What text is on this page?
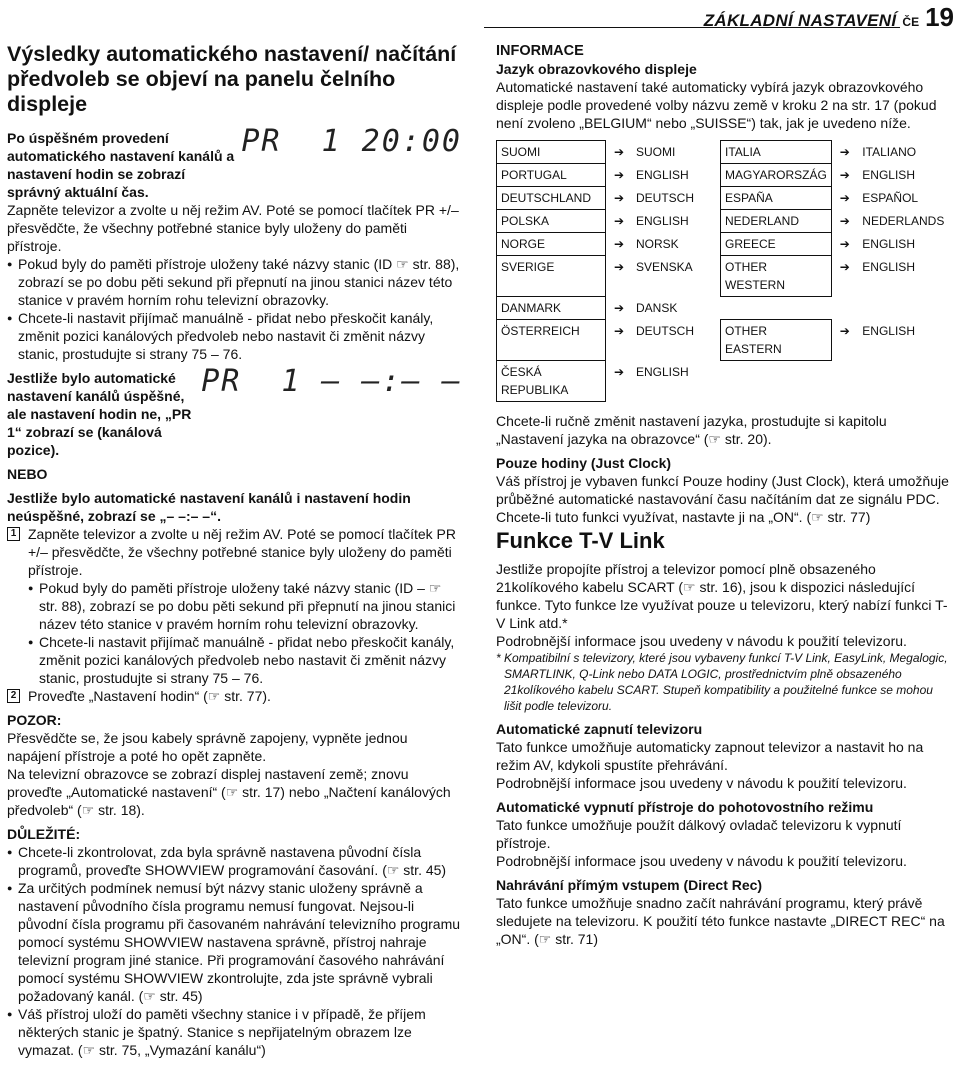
ZÁKLADNÍ NASTAVENÍ ČE 19
Výsledky automatického nastavení/ načítání předvoleb se objeví na panelu čelního displeje

Po úspěšném provedení automatického nastavení kanálů a nastavení hodin se zobrazí správný aktuální čas.

PR  1 20:00

Zapněte televizor a zvolte u něj režim AV. Poté se pomocí tlačítek PR +/– přesvědčte, že všechny potřebné stanice byly uloženy do paměti přístroje.

● Pokud byly do paměti přístroje uloženy také názvy stanic (ID ☞ str. 88), zobrazí se po dobu pěti sekund při přepnutí na jinou stanici název této stanice v pravém horním rohu televizní obrazovky.

● Chcete-li nastavit přijímač manuálně - přidat nebo přeskočit kanály, změnit pozici kanálových předvoleb nebo nastavit či změnit názvy stanic, prostudujte si strany 75 – 76.

Jestliže bylo automatické nastavení kanálů úspěšné, ale nastavení hodin ne, „PR 1“ zobrazí se (kanálová pozice).

PR  1 – –:– –

NEBO

Jestliže bylo automatické nastavení kanálů i nastavení hodin neúspěšné, zobrazí se „– –:– –“.

1 Zapněte televizor a zvolte u něj režim AV. Poté se pomocí tlačítek PR +/– přesvědčte, že všechny potřebné stanice byly uloženy do paměti přístroje.

● Pokud byly do paměti přístroje uloženy také názvy stanic (ID – ☞ str. 88), zobrazí se po dobu pěti sekund při přepnutí na jinou stanici název této stanice v pravém horním rohu televizní obrazovky.

● Chcete-li nastavit přijímač manuálně - přidat nebo přeskočit kanály, změnit pozici kanálových předvoleb nebo nastavit či změnit názvy stanic, prostudujte si strany 75 – 76.

2 Proveďte „Nastavení hodin“ (☞ str. 77).

POZOR:

Přesvědčte se, že jsou kabely správně zapojeny, vypněte jednou napájení přístroje a poté ho opět zapněte.

Na televizní obrazovce se zobrazí displej nastavení země; znovu proveďte „Automatické nastavení“ (☞ str. 17) nebo „Načtení kanálových předvoleb“ (☞ str. 18).

DŮLEŽITÉ:

● Chcete-li zkontrolovat, zda byla správně nastavena původní čísla programů, proveďte SHOWVIEW programování časování. (☞ str. 45)

● Za určitých podmínek nemusí být názvy stanic uloženy správně a nastavení původního čísla programu nemusí fungovat. Nejsou-li původní čísla programu při časovaném nahrávání televizního programu pomocí systému SHOWVIEW nastavena správně, přístroj nahraje televizní program jiné stanice. Při programování časového nahrávání pomocí systému SHOWVIEW zkontrolujte, zda jste správně vybrali požadovaný kanál. (☞ str. 45)

● Váš přístroj uloží do paměti všechny stanice i v případě, že příjem některých stanic je špatný. Stanice s nepřijatelným obrazem lze vymazat. (☞ str. 75, „Vymazání kanálu“)

INFORMACE

Jazyk obrazovkového displeje

Automatické nastavení také automaticky vybírá jazyk obrazovkového displeje podle provedené volby názvu země v kroku 2 na str. 17 (pokud není zvoleno „BELGIUM“ nebo „SUISSE“) tak, jak je uvedeno níže.

SUOMI	➔	SUOMI	ITALIA	➔	ITALIANO
PORTUGAL	➔	ENGLISH	MAGYARORSZÁG	➔	ENGLISH
DEUTSCHLAND	➔	DEUTSCH	ESPAÑA	➔	ESPAÑOL
POLSKA	➔	ENGLISH	NEDERLAND	➔	NEDERLANDS
NORGE	➔	NORSK	GREECE	➔	ENGLISH
SVERIGE	➔	SVENSKA	OTHER WESTERN	➔	ENGLISH
DANMARK	➔	DANSK			
ÖSTERREICH	➔	DEUTSCH	OTHER EASTERN	➔	ENGLISH
ČESKÁ REPUBLIKA	➔	ENGLISH			

Chcete-li ručně změnit nastavení jazyka, prostudujte si kapitolu „Nastavení jazyka na obrazovce“ (☞ str. 20).

Pouze hodiny (Just Clock)

Váš přístroj je vybaven funkcí Pouze hodiny (Just Clock), která umožňuje průběžné automatické nastavování času načítáním dat ze signálu PDC. Chcete-li tuto funkci využívat, nastavte ji na „ON“. (☞ str. 77)

Funkce T-V Link

Jestliže propojíte přístroj a televizor pomocí plně obsazeného 21kolíkového kabelu SCART (☞ str. 16), jsou k dispozici následující funkce. Tyto funkce lze využívat pouze u televizoru, který nabízí funkci T-V Link atd.*

Podrobnější informace jsou uvedeny v návodu k použití televizoru.

* Kompatibilní s televizory, které jsou vybaveny funkcí T-V Link, EasyLink, Megalogic, SMARTLINK, Q-Link nebo DATA LOGIC, prostřednictvím plně obsazeného 21kolíkového kabelu SCART. Stupeň kompatibility a použitelné funkce se mohou lišit podle televizoru.

Automatické zapnutí televizoru

Tato funkce umožňuje automaticky zapnout televizor a nastavit ho na režim AV, kdykoli spustíte přehrávání.

Podrobnější informace jsou uvedeny v návodu k použití televizoru.

Automatické vypnutí přístroje do pohotovostního režimu

Tato funkce umožňuje použít dálkový ovladač televizoru k vypnutí přístroje.

Podrobnější informace jsou uvedeny v návodu k použití televizoru.

Nahrávání přímým vstupem (Direct Rec)

Tato funkce umožňuje snadno začít nahrávání programu, který právě sledujete na televizoru. K použití této funkce nastavte „DIRECT REC“ na „ON“. (☞ str. 71)
